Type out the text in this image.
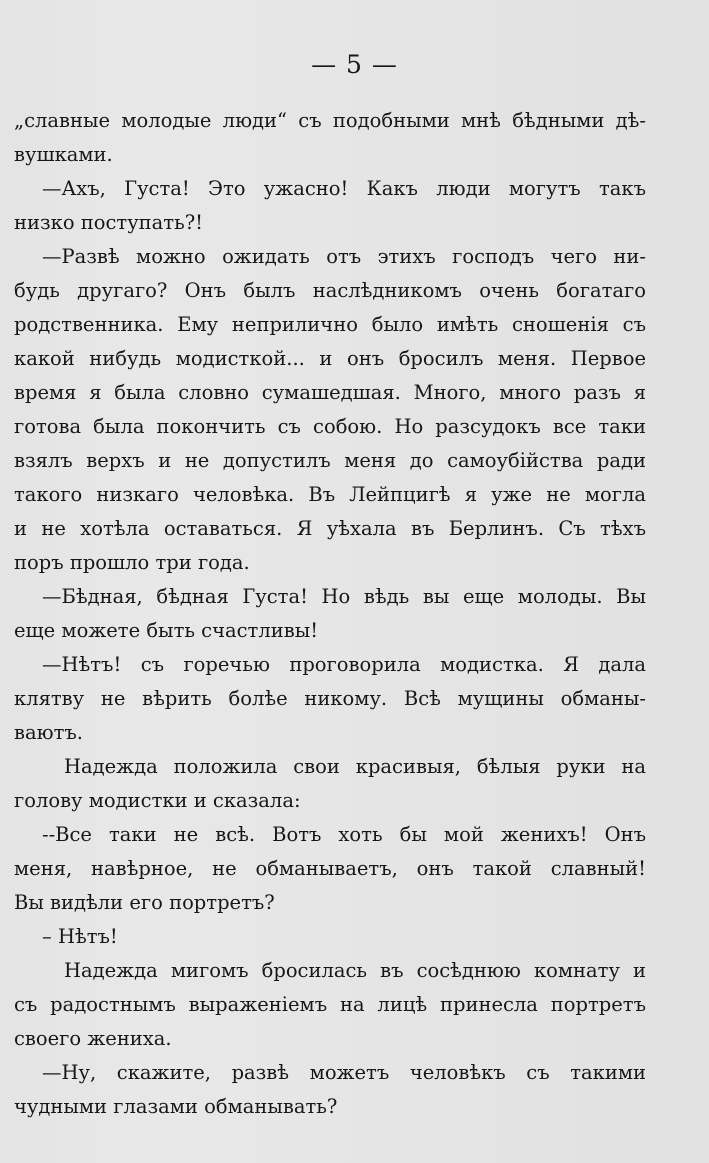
— 5 —
„славные молодые люди“ съ подобными мнѣ бѣдными дѣ-
вушками.
—Ахъ, Густа! Это ужасно! Какъ люди могутъ такъ
низко поступать?!
—Развѣ можно ожидать отъ этихъ господъ чего ни-
будь другаго? Онъ былъ наслѣдникомъ очень богатаго
родственника. Ему неприлично было имѣть сношенія съ
какой нибудь модисткой... и онъ бросилъ меня. Первое
время я была словно сумашедшая. Много, много разъ я
готова была покончить съ собою. Но разсудокъ все таки
взялъ верхъ и не допустилъ меня до самоубійства ради
такого низкаго человѣка. Въ Лейпцигѣ я уже не могла
и не хотѣла оставаться. Я уѣхала въ Берлинъ. Съ тѣхъ
поръ прошло три года.
—Бѣдная, бѣдная Густа! Но вѣдь вы еще молоды. Вы
еще можете быть счастливы!
—Нѣтъ! съ горечью проговорила модистка. Я дала
клятву не вѣрить болѣе никому. Всѣ мущины обманы-
ваютъ.
Надежда положила свои красивыя, бѣлыя руки на
голову модистки и сказала:
--Все таки не всѣ. Вотъ хоть бы мой женихъ! Онъ
меня, навѣрное, не обманываетъ, онъ такой славный!
Вы видѣли его портретъ?
– Нѣтъ!
Надежда мигомъ бросилась въ сосѣднюю комнату и
съ радостнымъ выраженіемъ на лицѣ принесла портретъ
своего жениха.
—Ну, скажите, развѣ можетъ человѣкъ съ такими
чудными глазами обманывать?
